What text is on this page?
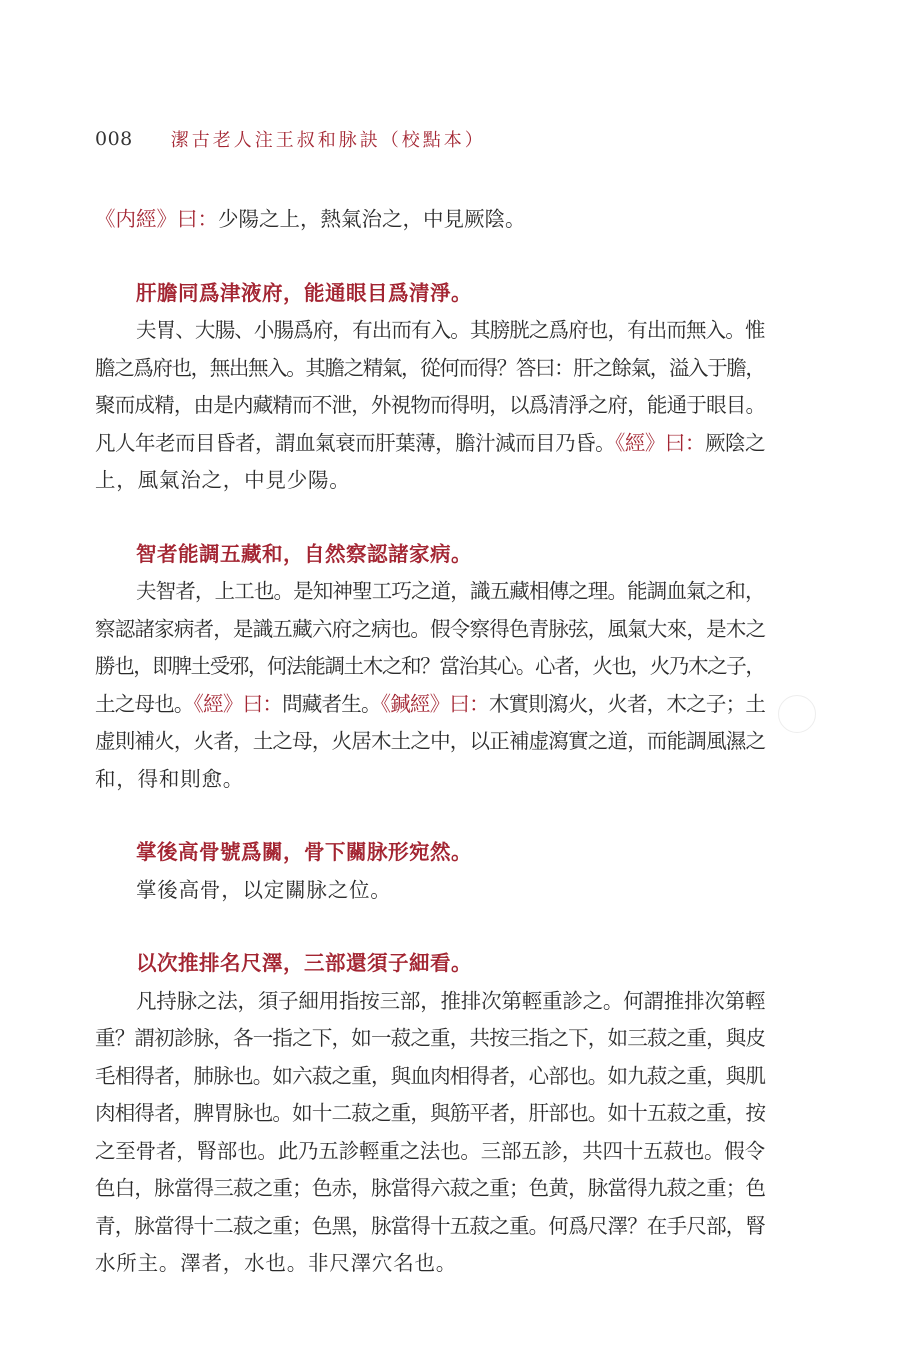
008 潔古老人注王叔和脉訣（校點本）
《内經》曰：少陽之上，熱氣治之，中見厥陰。
肝膽同爲津液府，能通眼目爲清淨。
夫胃、大腸、小腸爲府，有出而有入。其膀胱之爲府也，有出而無入。惟
膽之爲府也，無出無入。其膽之精氣，從何而得？答曰：肝之餘氣，溢入于膽，
聚而成精，由是内藏精而不泄，外視物而得明，以爲清淨之府，能通于眼目。
凡人年老而目昏者，謂血氣衰而肝葉薄，膽汁減而目乃昏。《經》曰：厥陰之
上，風氣治之，中見少陽。
智者能調五藏和，自然察認諸家病。
夫智者，上工也。是知神聖工巧之道，識五藏相傳之理。能調血氣之和，
察認諸家病者，是識五藏六府之病也。假令察得色青脉弦，風氣大來，是木之
勝也，即脾土受邪，何法能調土木之和？當治其心。心者，火也，火乃木之子，
土之母也。《經》曰：問藏者生。《鍼經》曰：木實則瀉火，火者，木之子；土
虚則補火，火者，土之母，火居木土之中，以正補虚瀉實之道，而能調風濕之
和，得和則愈。
掌後高骨號爲關，骨下關脉形宛然。
掌後高骨，以定關脉之位。
以次推排名尺澤，三部還須子細看。
凡持脉之法，須子細用指按三部，推排次第輕重診之。何謂推排次第輕
重？謂初診脉，各一指之下，如一菽之重，共按三指之下，如三菽之重，與皮
毛相得者，肺脉也。如六菽之重，與血肉相得者，心部也。如九菽之重，與肌
肉相得者，脾胃脉也。如十二菽之重，與筋平者，肝部也。如十五菽之重，按
之至骨者，腎部也。此乃五診輕重之法也。三部五診，共四十五菽也。假令
色白，脉當得三菽之重；色赤，脉當得六菽之重；色黄，脉當得九菽之重；色
青，脉當得十二菽之重；色黑，脉當得十五菽之重。何爲尺澤？在手尺部，腎
水所主。澤者，水也。非尺澤穴名也。
